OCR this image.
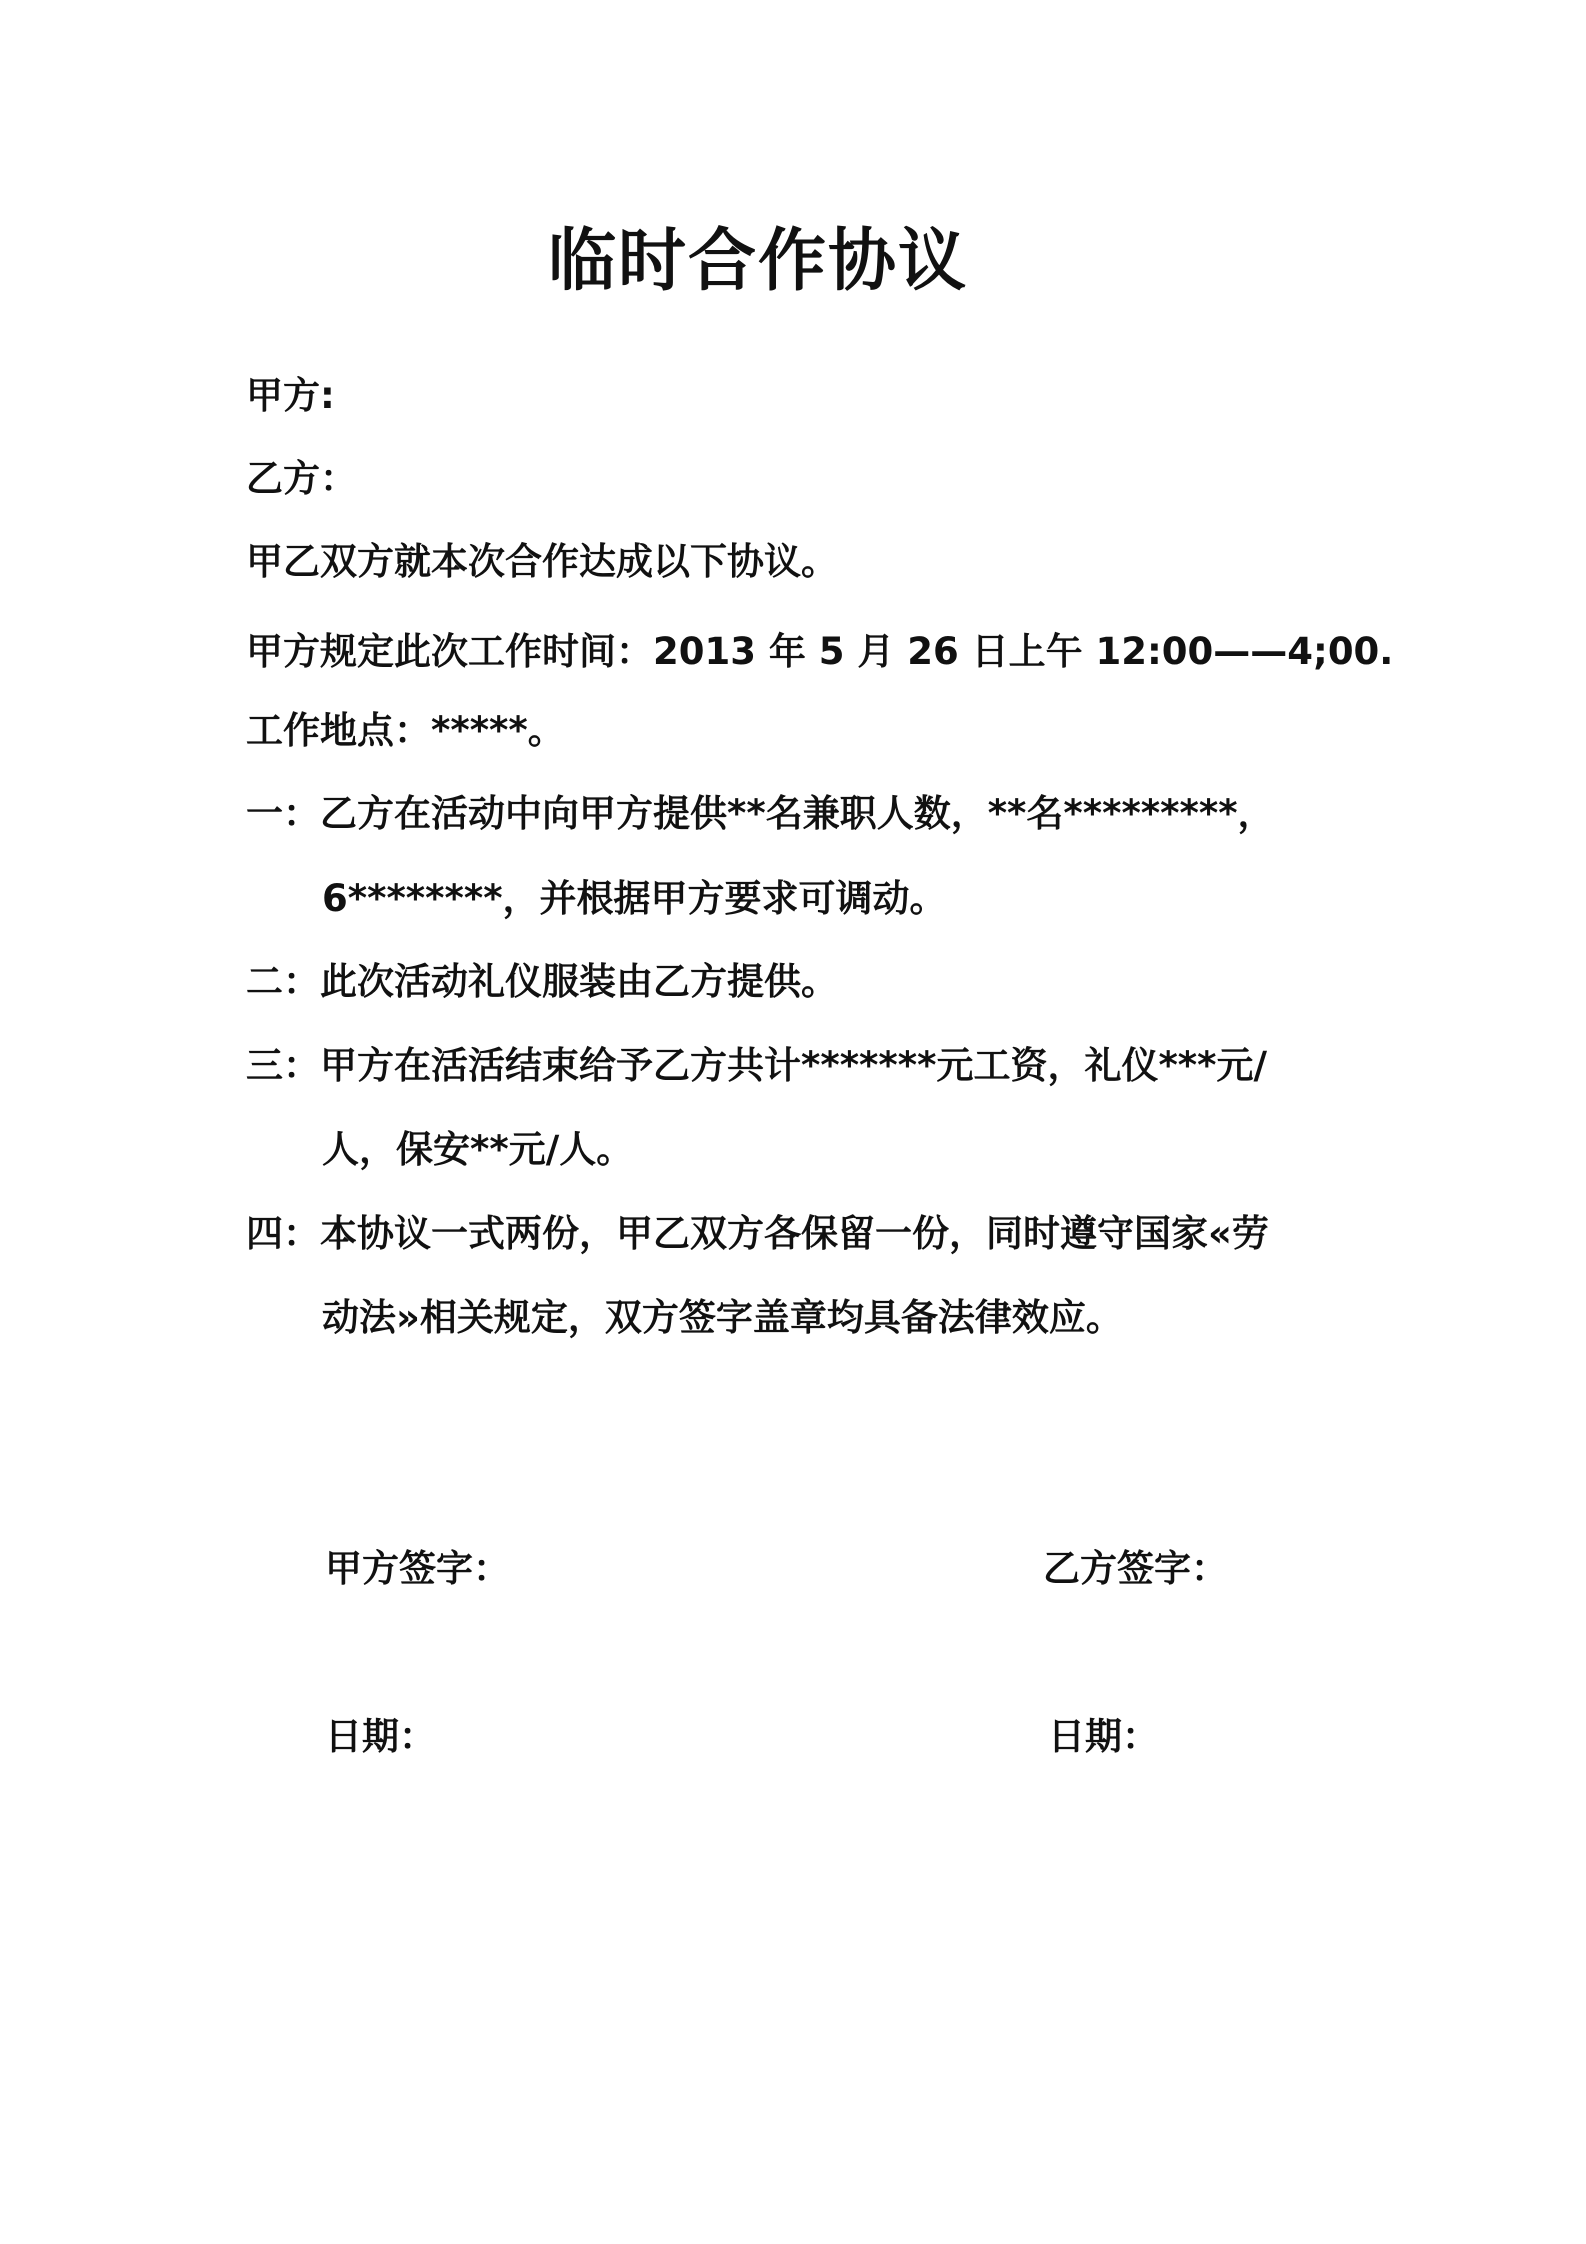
临时合作协议
甲方:
乙方：
甲乙双方就本次合作达成以下协议。
甲方规定此次工作时间：2013 年 5 月 26 日上午 12:00——4;00.
工作地点：*****。
一：乙方在活动中向甲方提供**名兼职人数，**名*********，
6********，并根据甲方要求可调动。
二：此次活动礼仪服装由乙方提供。
三：甲方在活活结束给予乙方共计*******元工资，礼仪***元/
人，保安**元/人。
四：本协议一式两份，甲乙双方各保留一份，同时遵守国家«劳
动法»相关规定，双方签字盖章均具备法律效应。
甲方签字：	乙方签字：
日期：	日期：
